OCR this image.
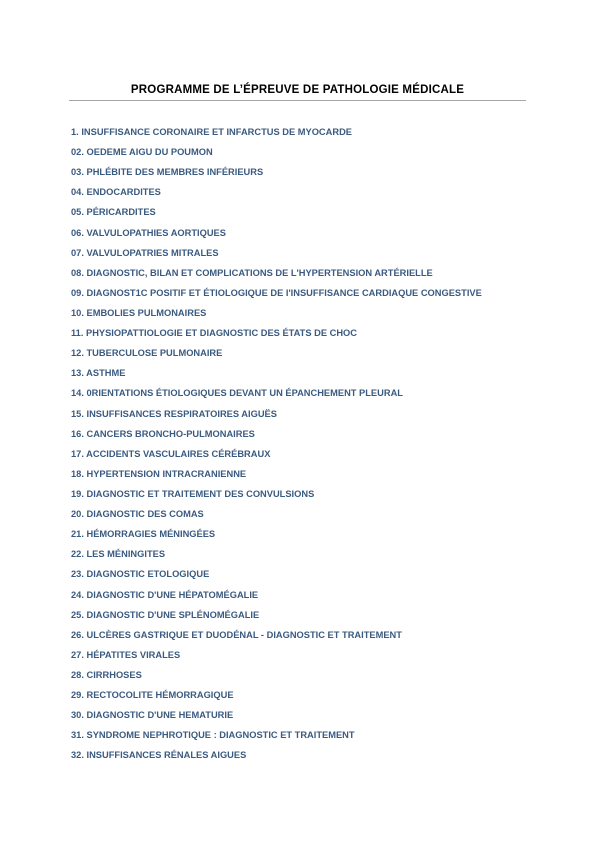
PROGRAMME DE L’ÉPREUVE DE PATHOLOGIE MÉDICALE
1. INSUFFISANCE CORONAIRE ET INFARCTUS DE MYOCARDE
02. OEDEME AIGU DU POUMON
03. PHLÉBITE DES MEMBRES INFÉRIEURS
04. ENDOCARDITES
05. PÉRICARDITES
06. VALVULOPATHIES AORTIQUES
07. VALVULOPATRIES MITRALES
08. DIAGNOSTIC, BILAN ET COMPLICATIONS DE L'HYPERTENSION ARTÉRIELLE
09. DIAGNOST1C POSITIF ET ÉTIOLOGIQUE DE I'INSUFFISANCE CARDIAQUE CONGESTIVE
10. EMBOLIES PULMONAIRES
11. PHYSIOPATTIOLOGIE ET DIAGNOSTIC DES ÉTATS DE CHOC
12. TUBERCULOSE PULMONAIRE
13. ASTHME
14. 0RIENTATIONS ÉTIOLOGIQUES DEVANT UN ÉPANCHEMENT PLEURAL
15. INSUFFISANCES RESPIRATOIRES AIGUËS
16. CANCERS BRONCHO-PULMONAIRES
17. ACCIDENTS VASCULAIRES CÉRÉBRAUX
18. HYPERTENSION INTRACRANIENNE
19. DIAGNOSTIC ET TRAITEMENT DES CONVULSIONS
20. DIAGNOSTIC DES COMAS
21. HÉMORRAGIES MÉNINGÉES
22. LES MÉNINGITES
23. DIAGNOSTIC ETOLOGIQUE
24. DIAGNOSTIC D'UNE HÉPATOMÉGALIE
25. DIAGNOSTIC D'UNE SPLÉNOMÉGALIE
26. ULCÈRES GASTRIQUE ET DUODÉNAL - DIAGNOSTIC ET TRAITEMENT
27. HÉPATITES VIRALES
28. CIRRHOSES
29. RECTOCOLITE HÉMORRAGIQUE
30. DIAGNOSTIC D'UNE HEMATURIE
31. SYNDROME NEPHROTIQUE : DIAGNOSTIC ET TRAITEMENT
32. INSUFFISANCES RÉNALES AIGUES
